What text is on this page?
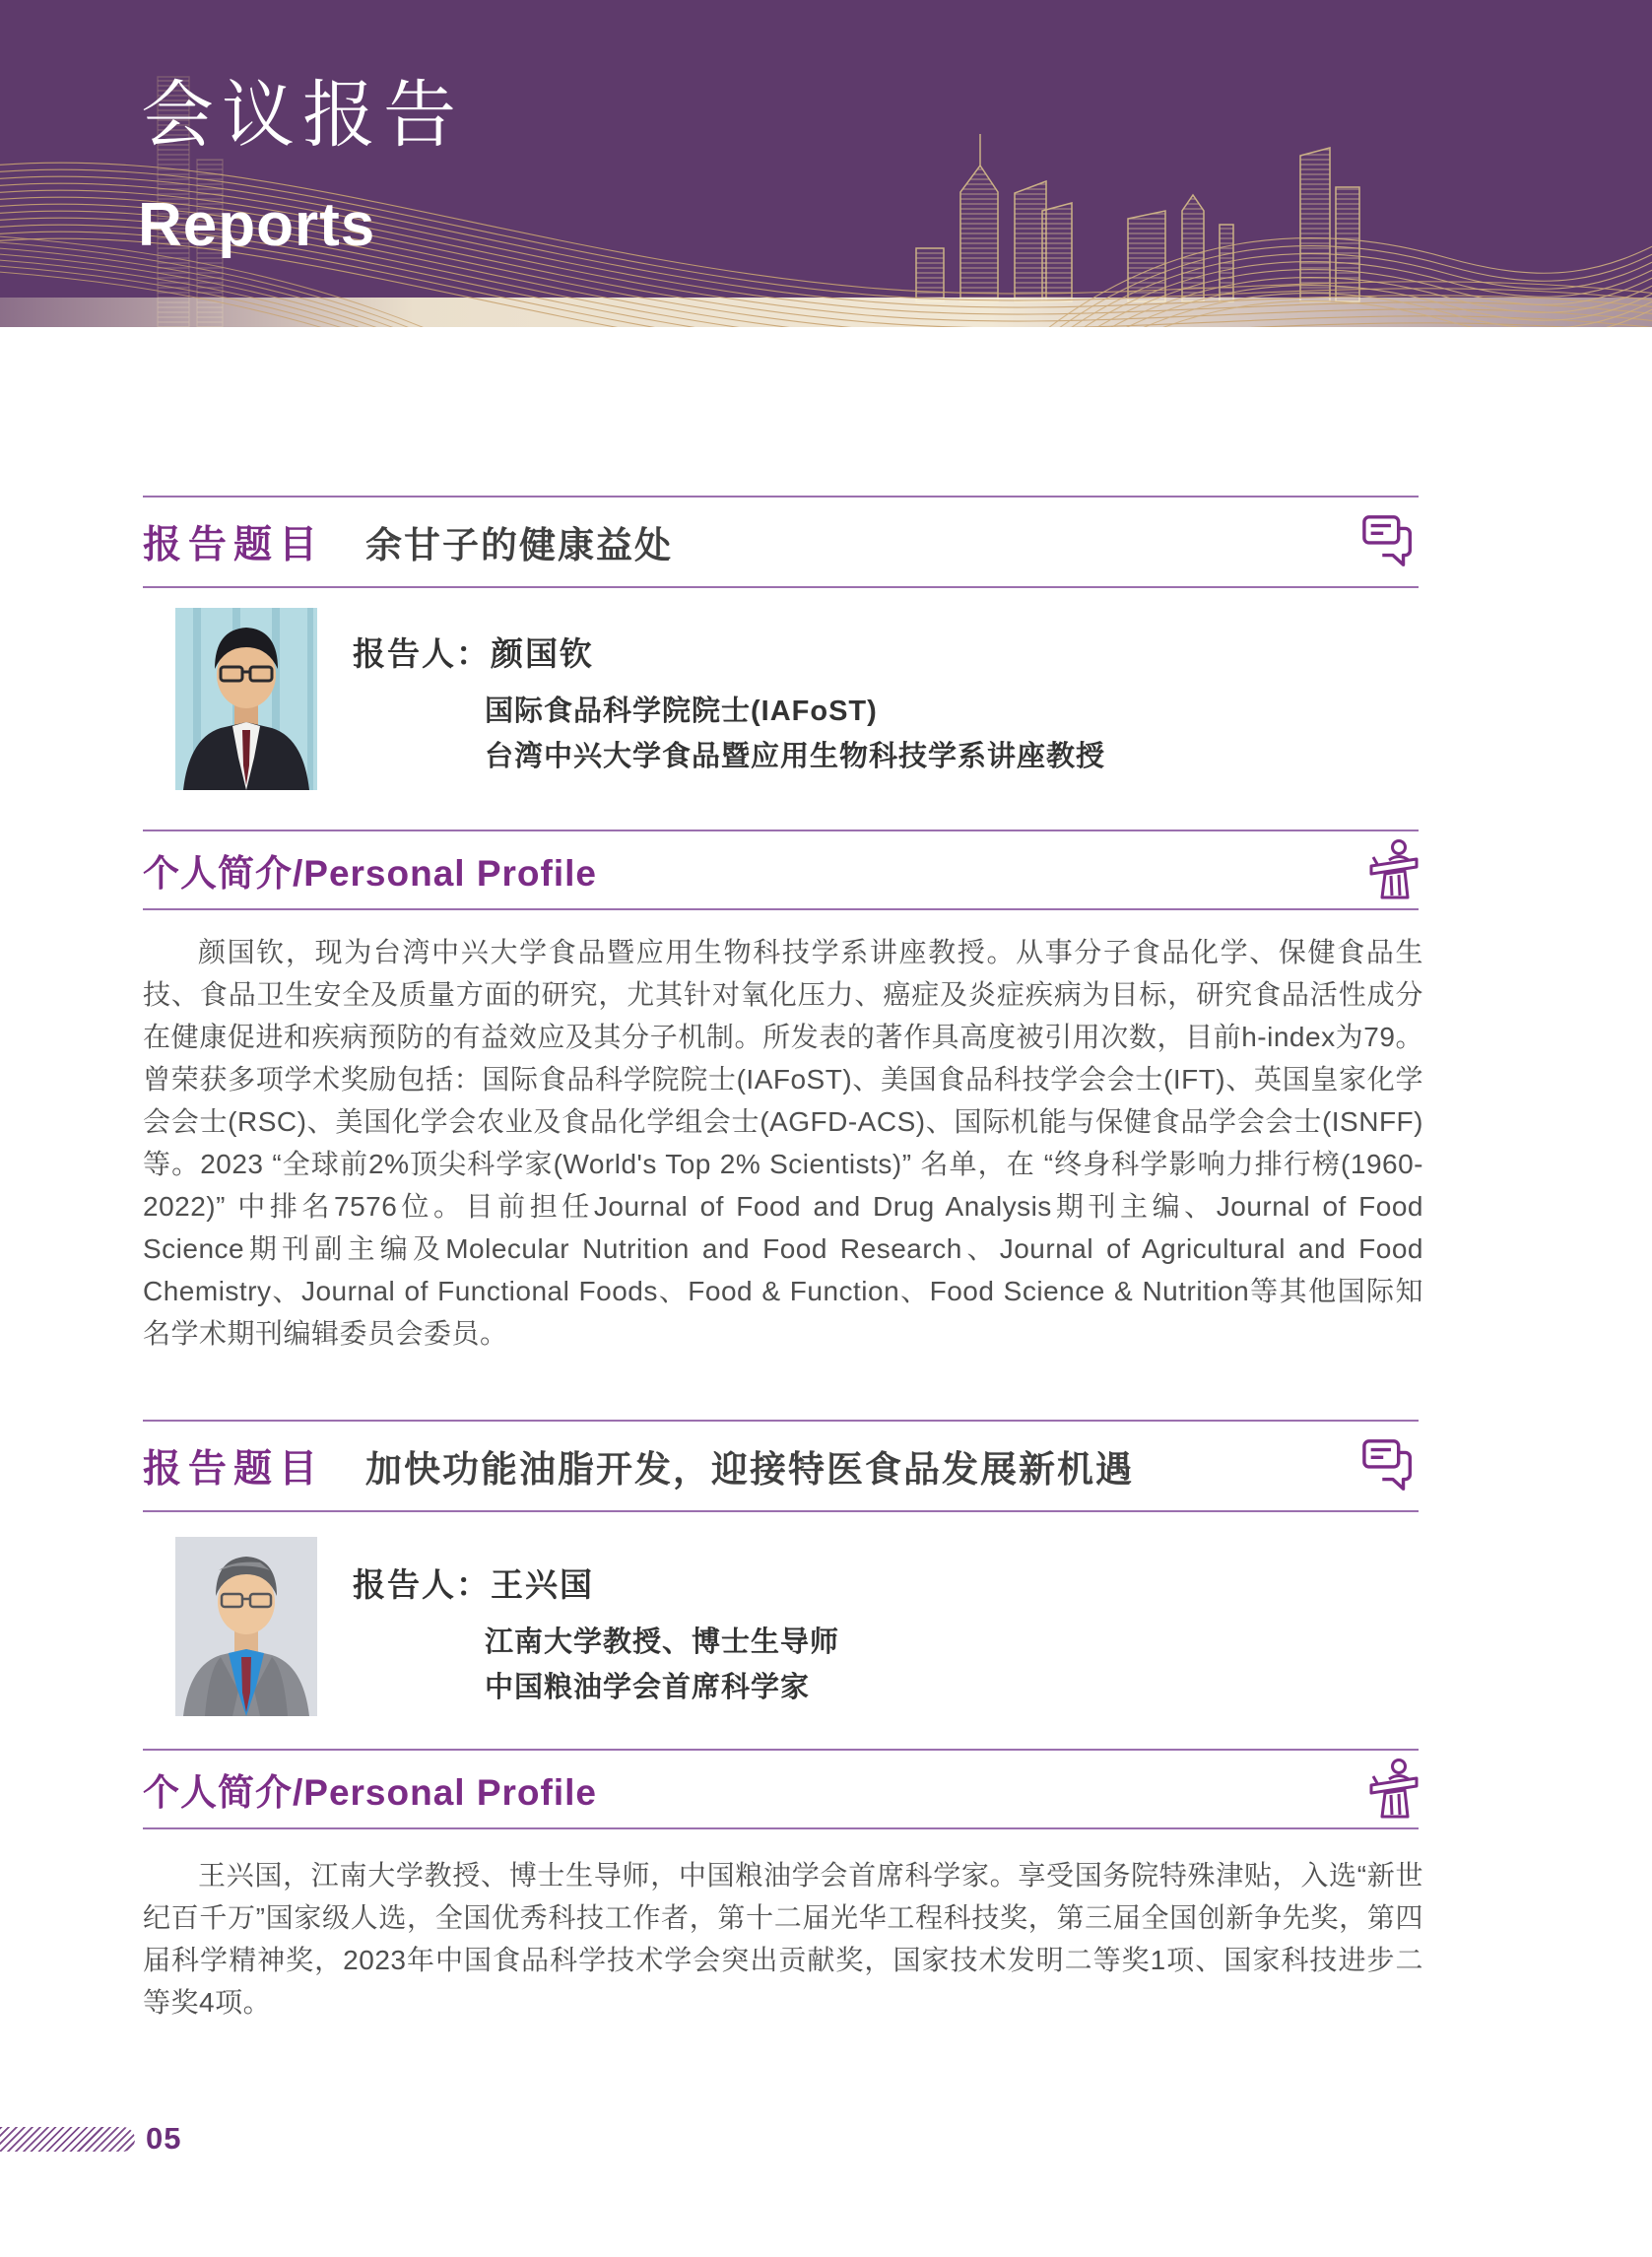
会议报告
Reports
报告题目 余甘子的健康益处
报告人：颜国钦
国际食品科学院院士(IAFoST)
台湾中兴大学食品暨应用生物科技学系讲座教授
个人简介/Personal Profile

颜国钦，现为台湾中兴大学食品暨应用生物科技学系讲座教授。从事分子食品化学、保健食品生技、食品卫生安全及质量方面的研究，尤其针对氧化压力、癌症及炎症疾病为目标，研究食品活性成分在健康促进和疾病预防的有益效应及其分子机制。所发表的著作具高度被引用次数，目前h-index为79。曾荣获多项学术奖励包括：国际食品科学院院士(IAFoST)、美国食品科技学会会士(IFT)、英国皇家化学会会士(RSC)、美国化学会农业及食品化学组会士(AGFD-ACS)、国际机能与保健食品学会会士(ISNFF)等。2023 “全球前2%顶尖科学家(World's Top 2% Scientists)” 名单，在 “终身科学影响力排行榜(1960-2022)” 中排名7576位。目前担任Journal of Food and Drug Analysis期刊主编、Journal of Food Science期刊副主编及Molecular Nutrition and Food Research、Journal of Agricultural and Food Chemistry、Journal of Functional Foods、Food & Function、Food Science & Nutrition等其他国际知名学术期刊编辑委员会委员。

报告题目 加快功能油脂开发，迎接特医食品发展新机遇
报告人：王兴国
江南大学教授、博士生导师
中国粮油学会首席科学家
个人简介/Personal Profile

王兴国，江南大学教授、博士生导师，中国粮油学会首席科学家。享受国务院特殊津贴，入选“新世纪百千万”国家级人选，全国优秀科技工作者，第十二届光华工程科技奖，第三届全国创新争先奖，第四届科学精神奖，2023年中国食品科学技术学会突出贡献奖，国家技术发明二等奖1项、国家科技进步二等奖4项。

05
